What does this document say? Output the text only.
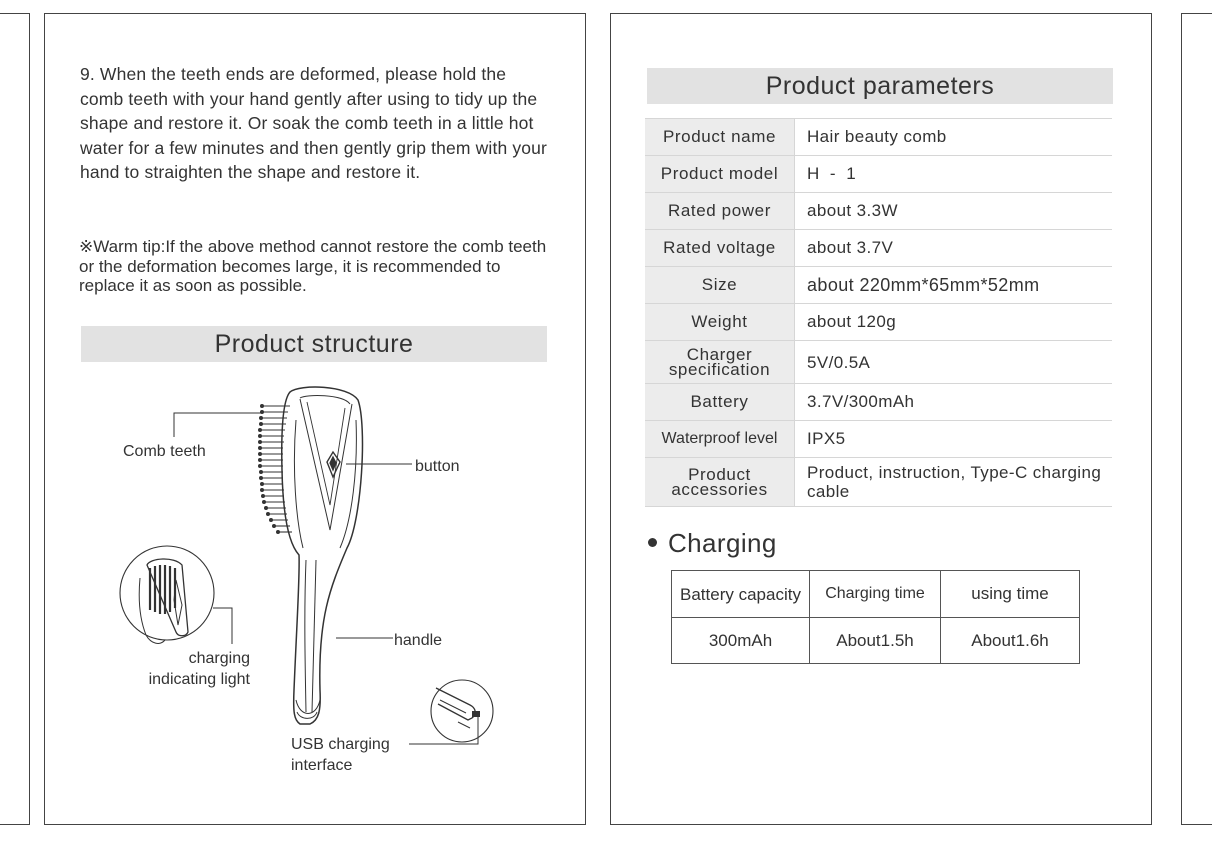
9. When the teeth ends are deformed, please hold the comb teeth with your hand gently after using to tidy up the shape and restore it. Or soak the comb teeth in a little hot water for a few minutes and then gently grip them with your hand to straighten the shape and restore it.

※Warm tip:If the above method cannot restore the comb teeth or the deformation becomes large, it is recommended to replace it as soon as possible.

Product structure
Comb teeth
button
handle
charging indicating light
USB charging interface
Product parameters
Product name	Hair beauty comb
Product model	H  -  1
Rated power	about 3.3W
Rated voltage	about 3.7V
Size	about 220mm*65mm*52mm
Weight	about 120g
Charger specification	5V/0.5A
Battery	3.7V/300mAh
Waterproof level	IPX5
Product accessories	Product, instruction, Type-C charging cable
Charging
Battery capacity	Charging time	using time
300mAh	About1.5h	About1.6h
